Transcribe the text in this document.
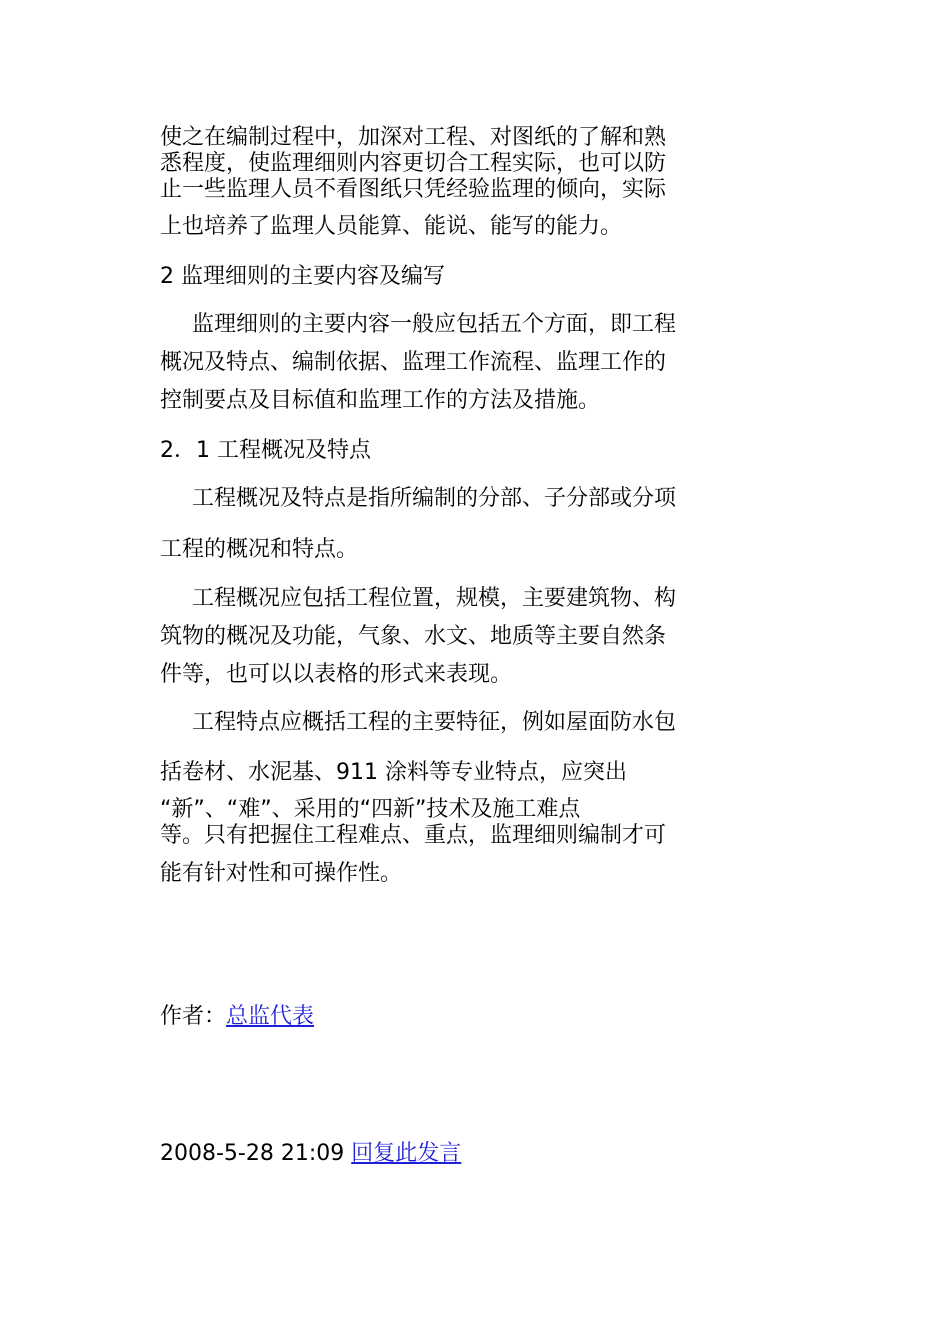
使之在编制过程中，加深对工程、对图纸的了解和熟
悉程度，使监理细则内容更切合工程实际，也可以防
止一些监理人员不看图纸只凭经验监理的倾向，实际
上也培养了监理人员能算、能说、能写的能力。
2 监理细则的主要内容及编写
监理细则的主要内容一般应包括五个方面，即工程
概况及特点、编制依据、监理工作流程、监理工作的
控制要点及目标值和监理工作的方法及措施。
2．1 工程概况及特点
工程概况及特点是指所编制的分部、子分部或分项
工程的概况和特点。
工程概况应包括工程位置，规模，主要建筑物、构
筑物的概况及功能，气象、水文、地质等主要自然条
件等，也可以以表格的形式来表现。
工程特点应概括工程的主要特征，例如屋面防水包
括卷材、水泥基、911 涂料等专业特点，应突出
“新”、“难”、采用的“四新”技术及施工难点
等。只有把握住工程难点、重点，监理细则编制才可
能有针对性和可操作性。
作者：总监代表
2008-5-28 21:09 回复此发言
